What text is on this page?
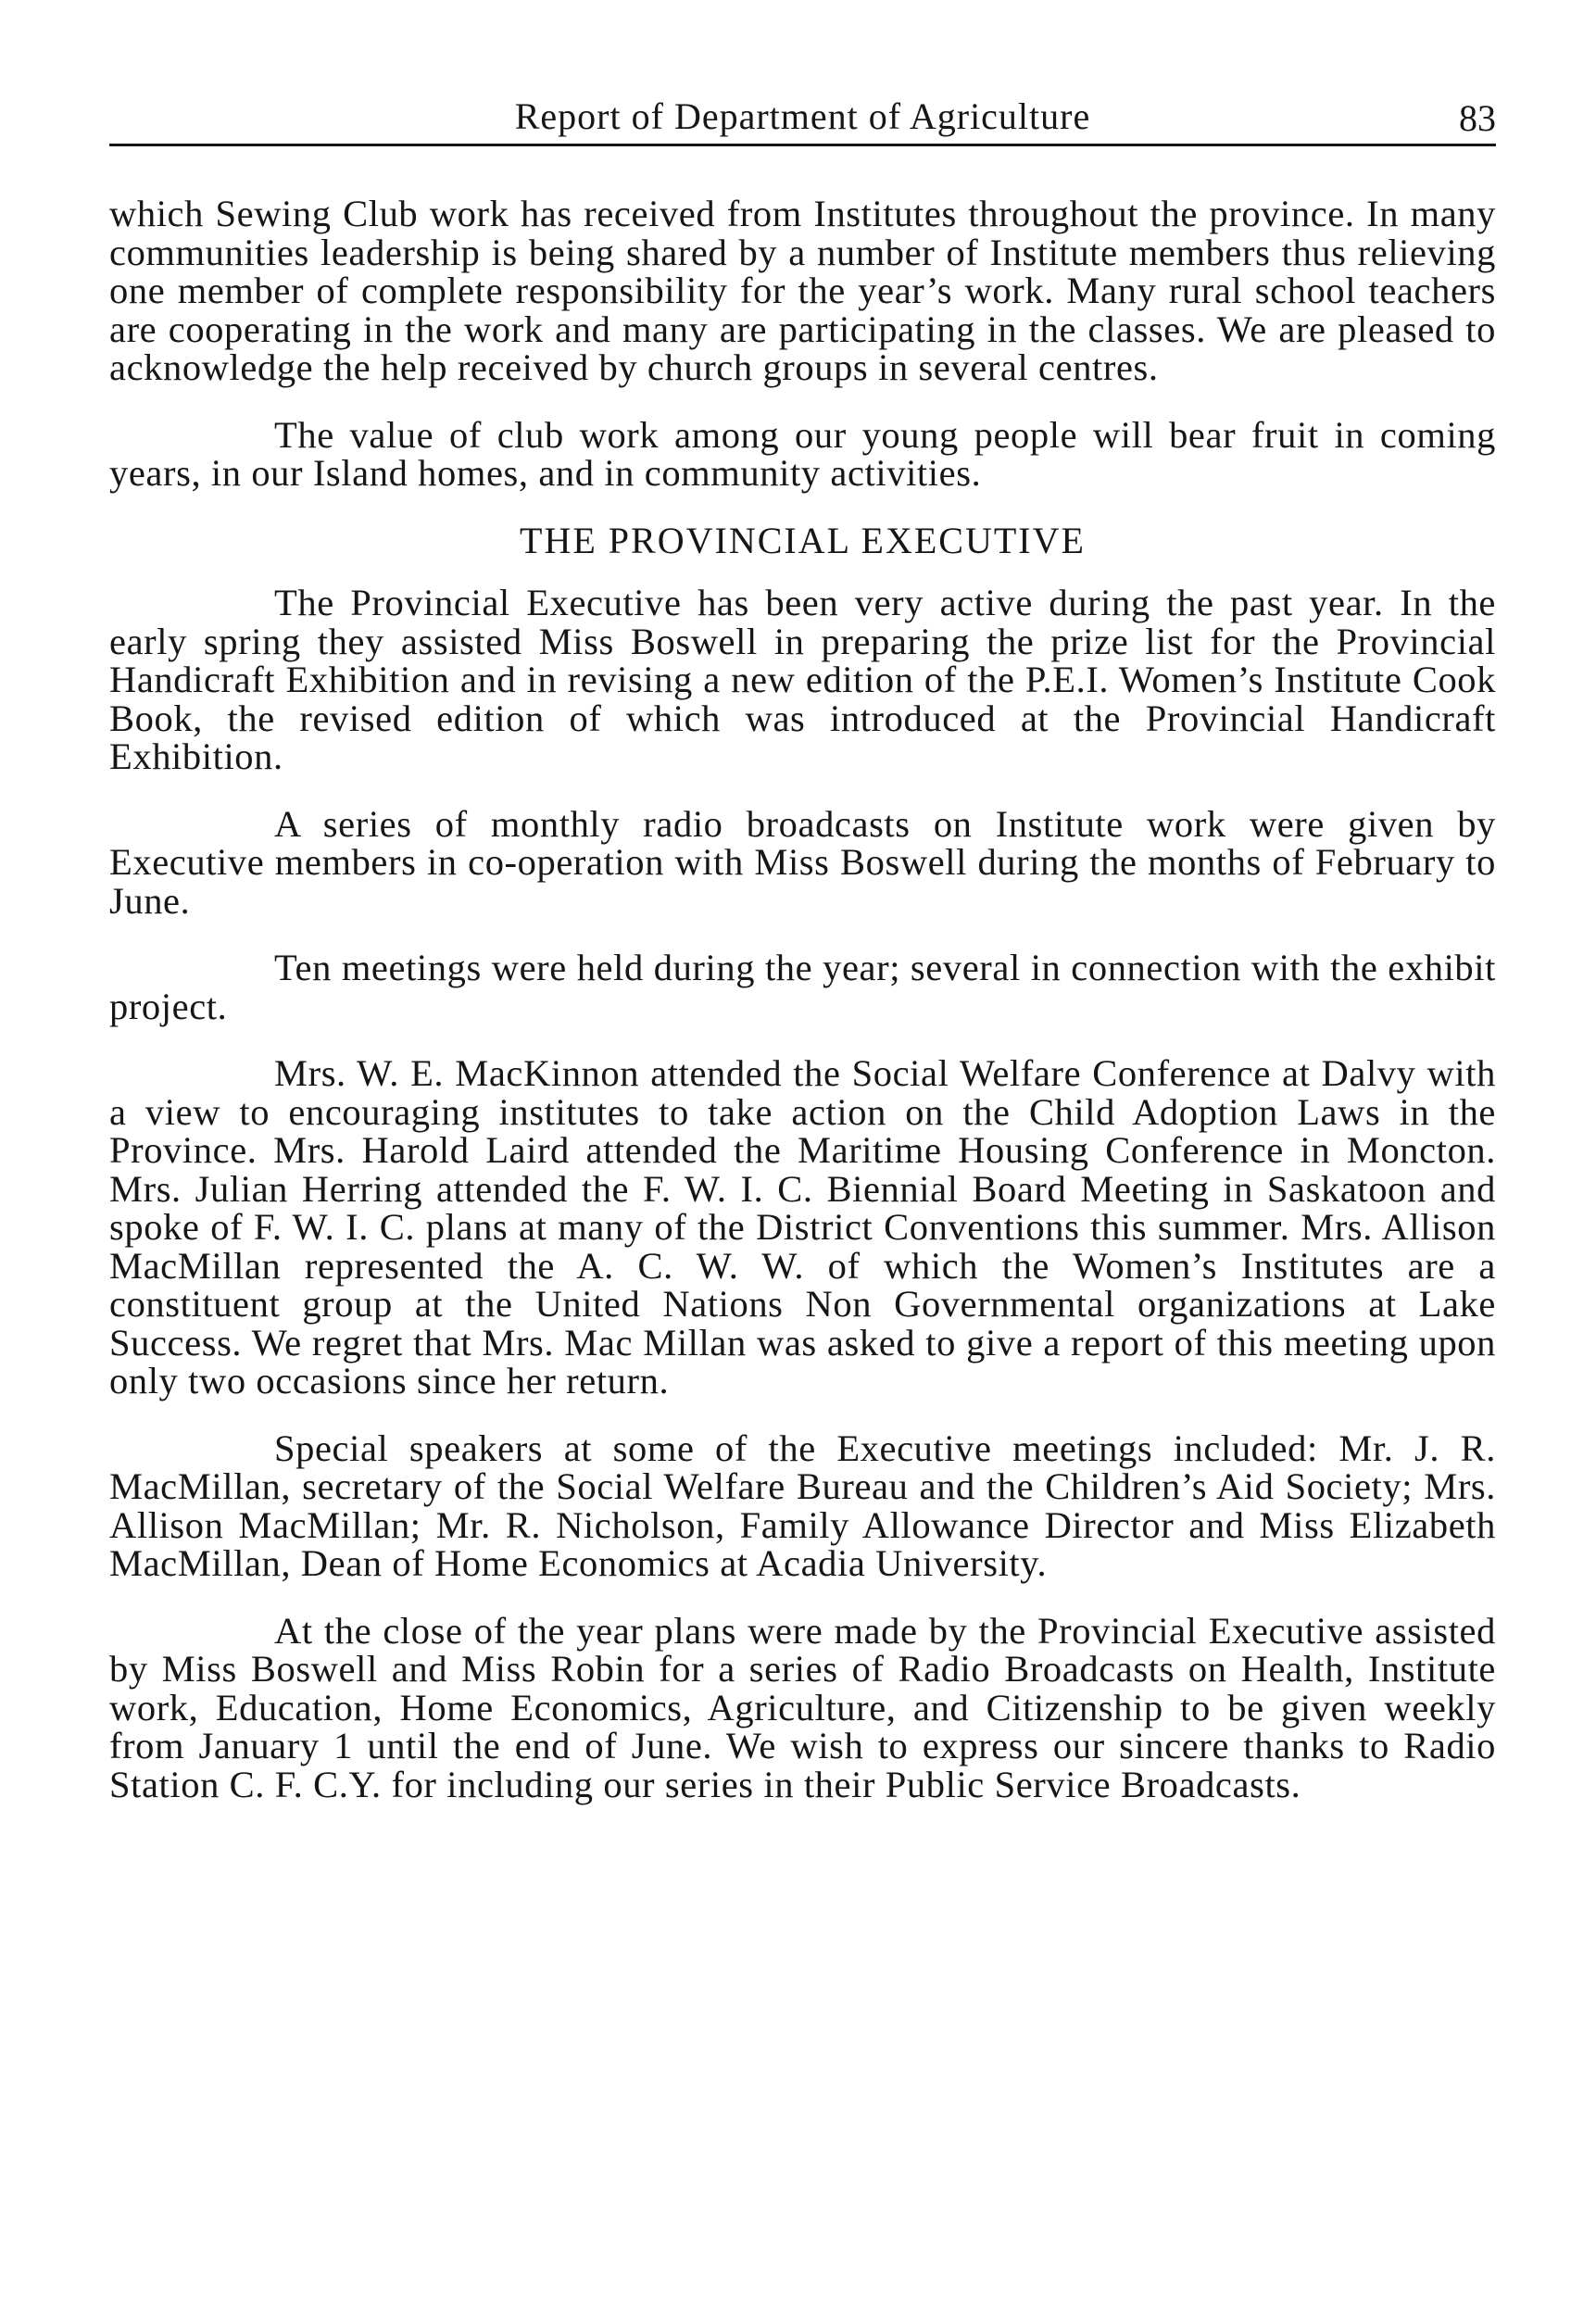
Report of Department of Agriculture	83

which Sewing Club work has received from Institutes throughout the province. In many communities leadership is being shared by a number of Institute members thus relieving one member of complete responsibility for the year’s work. Many rural school teachers are cooperating in the work and many are participating in the classes. We are pleased to acknowledge the help received by church groups in several centres.

The value of club work among our young people will bear fruit in coming years, in our Island homes, and in community activities.

THE PROVINCIAL EXECUTIVE

The Provincial Executive has been very active during the past year. In the early spring they assisted Miss Boswell in preparing the prize list for the Provincial Handicraft Exhibition and in revising a new edition of the P.E.I. Women’s Institute Cook Book, the revised edition of which was introduced at the Provincial Handicraft Exhibition.

A series of monthly radio broadcasts on Institute work were given by Executive members in co-operation with Miss Boswell during the months of February to June.

Ten meetings were held during the year; several in connection with the exhibit project.

Mrs. W. E. MacKinnon attended the Social Welfare Conference at Dalvy with a view to encouraging institutes to take action on the Child Adoption Laws in the Province. Mrs. Harold Laird attended the Maritime Housing Conference in Moncton. Mrs. Julian Herring attended the F. W. I. C. Biennial Board Meeting in Saskatoon and spoke of F. W. I. C. plans at many of the District Conventions this summer. Mrs. Allison MacMillan represented the A. C. W. W. of which the Women’s Institutes are a constituent group at the United Nations Non Governmental organizations at Lake Success. We regret that Mrs. Mac Millan was asked to give a report of this meeting upon only two occasions since her return.

Special speakers at some of the Executive meetings included: Mr. J. R. MacMillan, secretary of the Social Welfare Bureau and the Children’s Aid Society; Mrs. Allison MacMillan; Mr. R. Nicholson, Family Allowance Director and Miss Elizabeth MacMillan, Dean of Home Economics at Acadia University.

At the close of the year plans were made by the Provincial Executive assisted by Miss Boswell and Miss Robin for a series of Radio Broadcasts on Health, Institute work, Education, Home Economics, Agriculture, and Citizenship to be given weekly from January 1 until the end of June. We wish to express our sincere thanks to Radio Station C. F. C.Y. for including our series in their Public Service Broadcasts.
